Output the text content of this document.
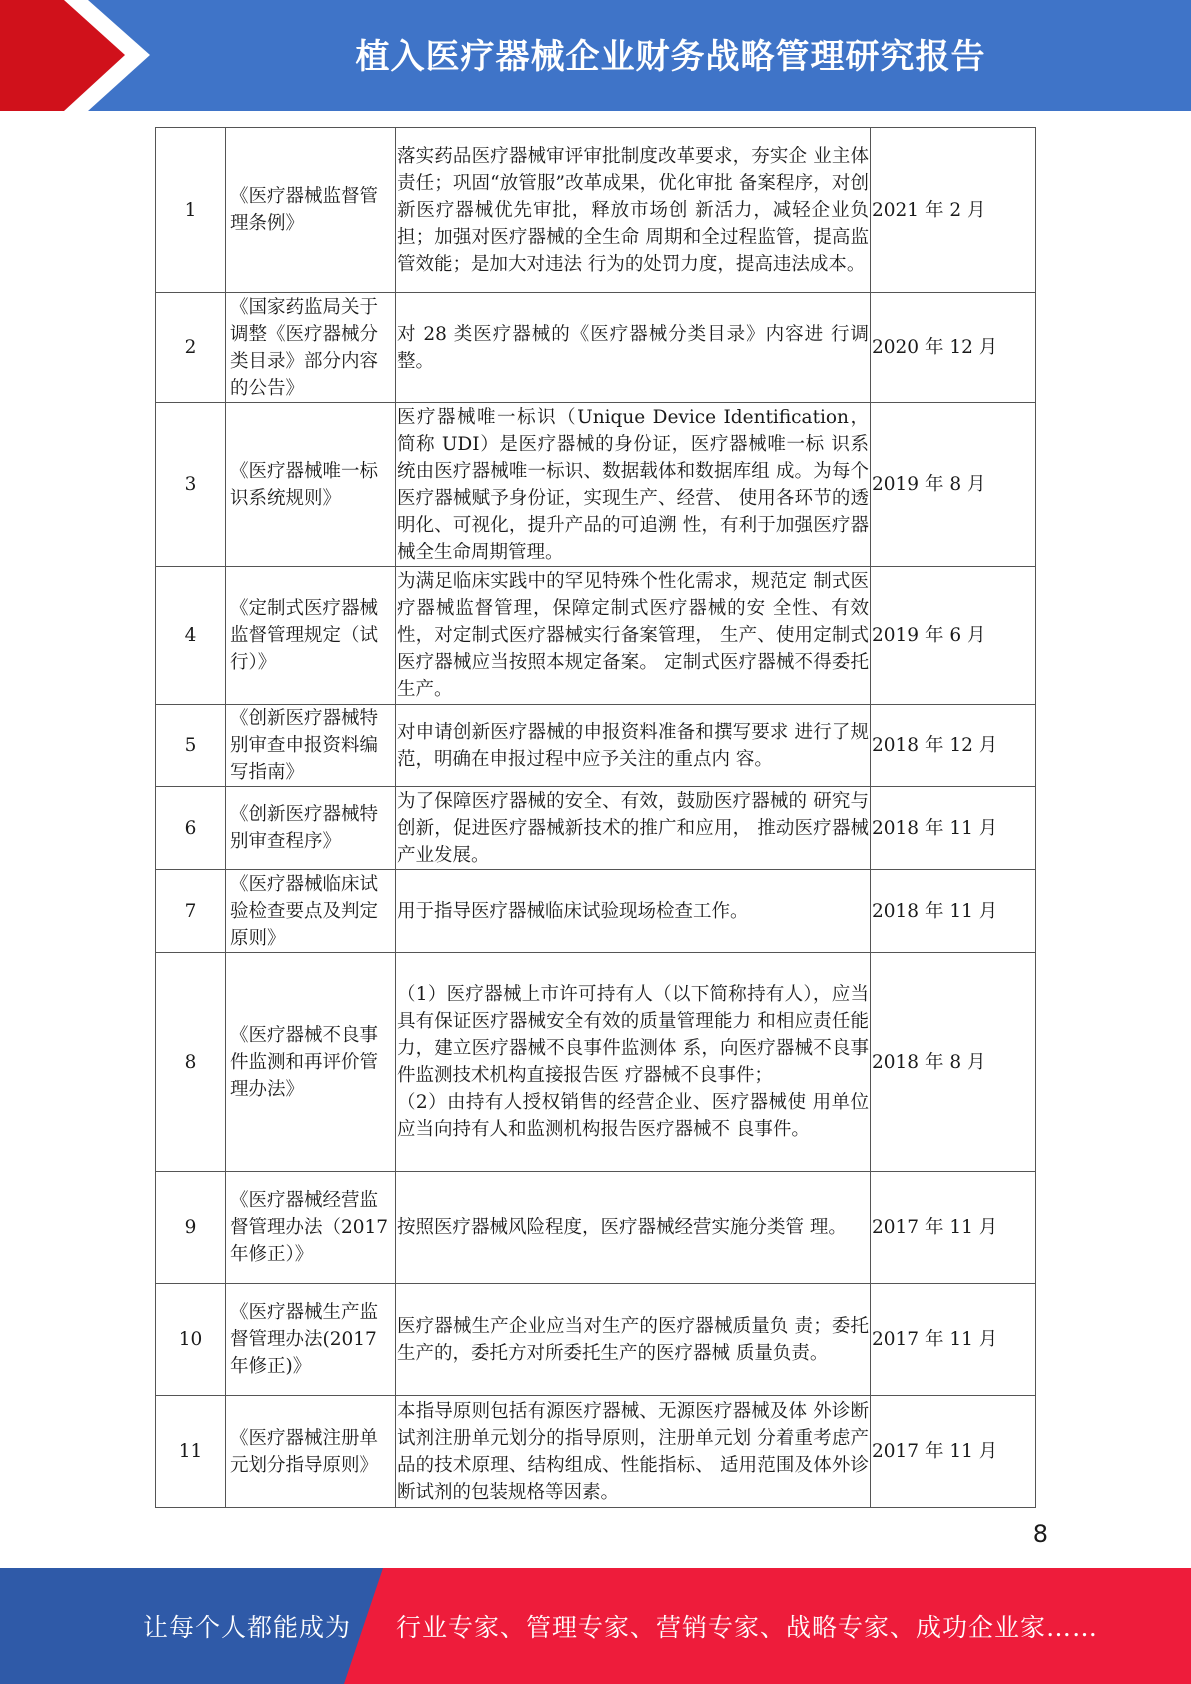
植入医疗器械企业财务战略管理研究报告
1	《医疗器械监督管理条例》	落实药品医疗器械审评审批制度改革要求，夯实企 业主体责任；巩固“放管服”改革成果，优化审批 备案程序，对创新医疗器械优先审批，释放市场创 新活力，减轻企业负担；加强对医疗器械的全生命 周期和全过程监管，提高监管效能；是加大对违法 行为的处罚力度，提高违法成本。	2021 年 2 月
2	《国家药监局关于调整《医疗器械分类目录》部分内容的公告》	对 28 类医疗器械的《医疗器械分类目录》内容进 行调整。	2020 年 12 月
3	《医疗器械唯一标识系统规则》	医疗器械唯一标识（Unique Device Identification， 简称 UDI）是医疗器械的身份证，医疗器械唯一标 识系统由医疗器械唯一标识、数据载体和数据库组 成。为每个医疗器械赋予身份证，实现生产、经营、 使用各环节的透明化、可视化，提升产品的可追溯 性，有利于加强医疗器械全生命周期管理。	2019 年 8 月
4	《定制式医疗器械监督管理规定（试行）》	为满足临床实践中的罕见特殊个性化需求，规范定 制式医疗器械监督管理，保障定制式医疗器械的安 全性、有效性，对定制式医疗器械实行备案管理， 生产、使用定制式医疗器械应当按照本规定备案。 定制式医疗器械不得委托生产。	2019 年 6 月
5	《创新医疗器械特别审查申报资料编写指南》	对申请创新医疗器械的申报资料准备和撰写要求 进行了规范，明确在申报过程中应予关注的重点内 容。	2018 年 12 月
6	《创新医疗器械特别审查程序》	为了保障医疗器械的安全、有效，鼓励医疗器械的 研究与创新，促进医疗器械新技术的推广和应用， 推动医疗器械产业发展。	2018 年 11 月
7	《医疗器械临床试验检查要点及判定原则》	用于指导医疗器械临床试验现场检查工作。	2018 年 11 月
8	《医疗器械不良事件监测和再评价管理办法》	（1）医疗器械上市许可持有人（以下简称持有人），应当具有保证医疗器械安全有效的质量管理能力 和相应责任能力，建立医疗器械不良事件监测体 系，向医疗器械不良事件监测技术机构直接报告医 疗器械不良事件；
（2）由持有人授权销售的经营企业、医疗器械使 用单位应当向持有人和监测机构报告医疗器械不 良事件。	2018 年 8 月
9	《医疗器械经营监督管理办法（2017 年修正）》	按照医疗器械风险程度，医疗器械经营实施分类管 理。	2017 年 11 月
10	《医疗器械生产监督管理办法(2017 年修正)》	医疗器械生产企业应当对生产的医疗器械质量负 责；委托生产的，委托方对所委托生产的医疗器械 质量负责。	2017 年 11 月
11	《医疗器械注册单元划分指导原则》	本指导原则包括有源医疗器械、无源医疗器械及体 外诊断试剂注册单元划分的指导原则，注册单元划 分着重考虑产品的技术原理、结构组成、性能指标、 适用范围及体外诊断试剂的包装规格等因素。	2017 年 11 月
8
让每个人都能成为 行业专家、管理专家、营销专家、战略专家、成功企业家……
